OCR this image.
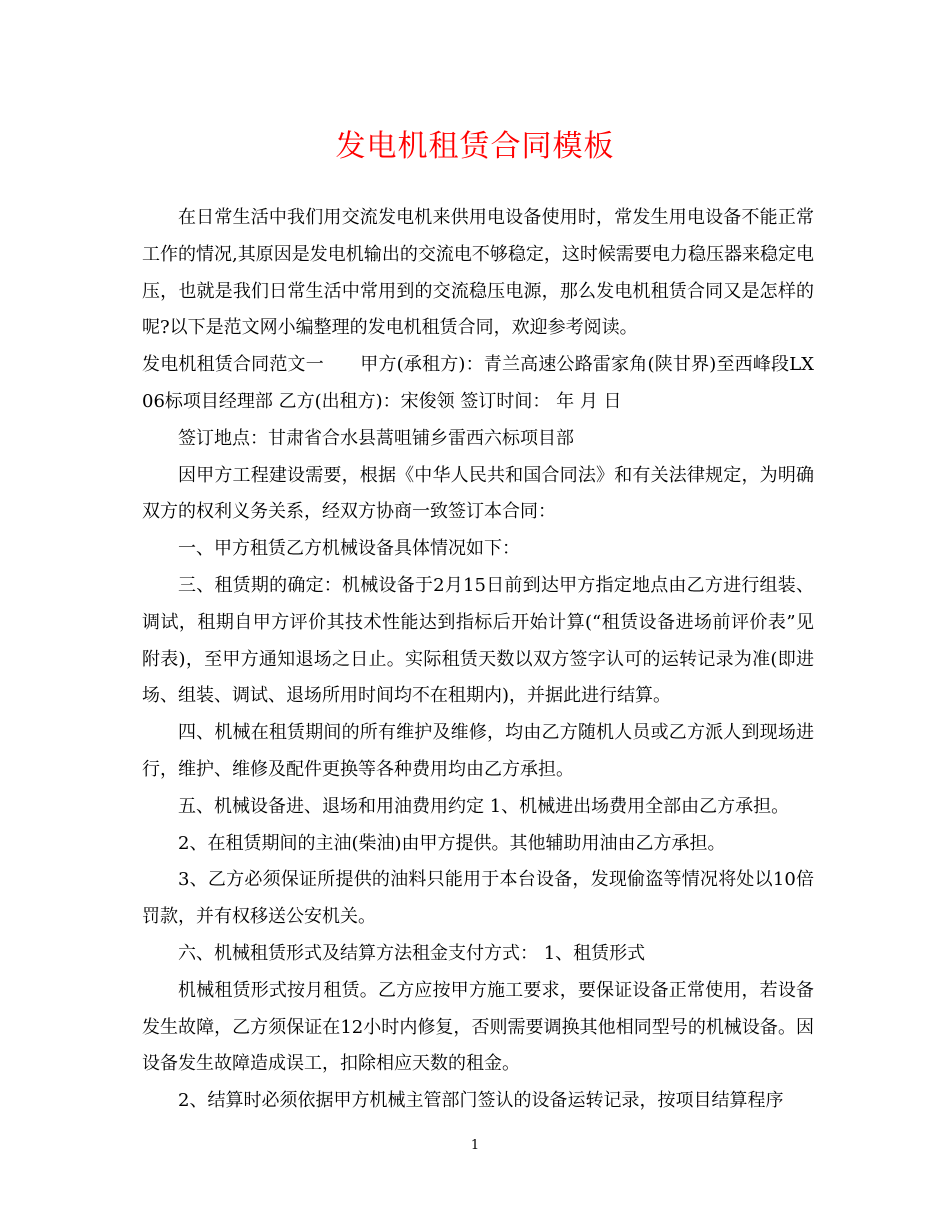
发电机租赁合同模板

在日常生活中我们用交流发电机来供用电设备使用时，常发生用电设备不能正常工作的情况,其原因是发电机输出的交流电不够稳定，这时候需要电力稳压器来稳定电压，也就是我们日常生活中常用到的交流稳压电源，那么发电机租赁合同又是怎样的呢?以下是范文网小编整理的发电机租赁合同，欢迎参考阅读。

发电机租赁合同范文一　　甲方(承租方)：青兰高速公路雷家角(陕甘界)至西峰段LX06标项目经理部 乙方(出租方)：宋俊领 签订时间： 年 月 日

签订地点：甘肃省合水县蒿咀铺乡雷西六标项目部

因甲方工程建设需要，根据《中华人民共和国合同法》和有关法律规定，为明确双方的权利义务关系，经双方协商一致签订本合同：

一、甲方租赁乙方机械设备具体情况如下：

三、租赁期的确定：机械设备于2月15日前到达甲方指定地点由乙方进行组装、调试，租期自甲方评价其技术性能达到指标后开始计算(“租赁设备进场前评价表”见附表)，至甲方通知退场之日止。实际租赁天数以双方签字认可的运转记录为准(即进场、组装、调试、退场所用时间均不在租期内)，并据此进行结算。

四、机械在租赁期间的所有维护及维修，均由乙方随机人员或乙方派人到现场进行，维护、维修及配件更换等各种费用均由乙方承担。

五、机械设备进、退场和用油费用约定 1、机械进出场费用全部由乙方承担。

2、在租赁期间的主油(柴油)由甲方提供。其他辅助用油由乙方承担。

3、乙方必须保证所提供的油料只能用于本台设备，发现偷盗等情况将处以10倍罚款，并有权移送公安机关。

六、机械租赁形式及结算方法租金支付方式： 1、租赁形式

机械租赁形式按月租赁。乙方应按甲方施工要求，要保证设备正常使用，若设备发生故障，乙方须保证在12小时内修复，否则需要调换其他相同型号的机械设备。因设备发生故障造成误工，扣除相应天数的租金。

2、结算时必须依据甲方机械主管部门签认的设备运转记录，按项目结算程序

1
